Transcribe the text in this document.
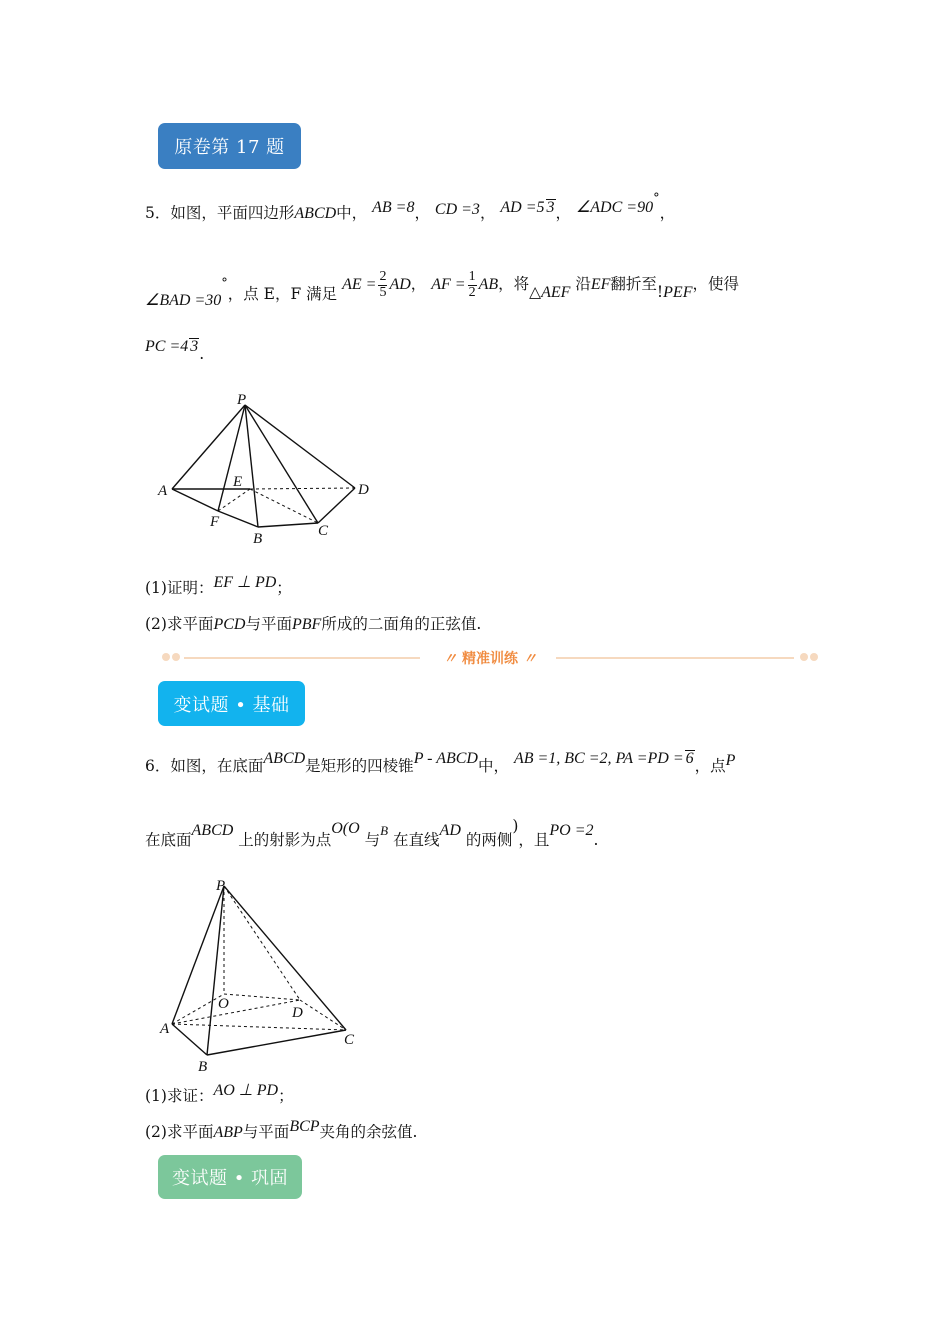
原卷第 17 题
5．如图，平面四边形ABCD中， AB =8， CD =3， AD =5 3， ∠ADC =90°，
∠BAD =30°，点 E，F 满足 AE = $\frac{2}{5}$ AD， AF = $\frac{1}{2}$ AB，将△AEF 沿EF翻折至!PEF，使得
PC =4 3.
P
A
E	D
F
B	C
(1)证明：EF ⊥ PD；
(2)求平面PCD与平面PBF所成的二面角的正弦值.
〃 精准训练 〃
变试题 • 基础
6．如图，在底面ABCD是矩形的四棱锥P - ABCD中， AB =1, BC =2, PA =PD = 6，点P
在底面ABCD 上的射影为点O(O 与$^B$ 在直线AD 的两侧)，且PO =2.
P
O
D
A
C
B
(1)求证：AO ⊥ PD；
(2)求平面ABP与平面BCP夹角的余弦值.
变试题 • 巩固
